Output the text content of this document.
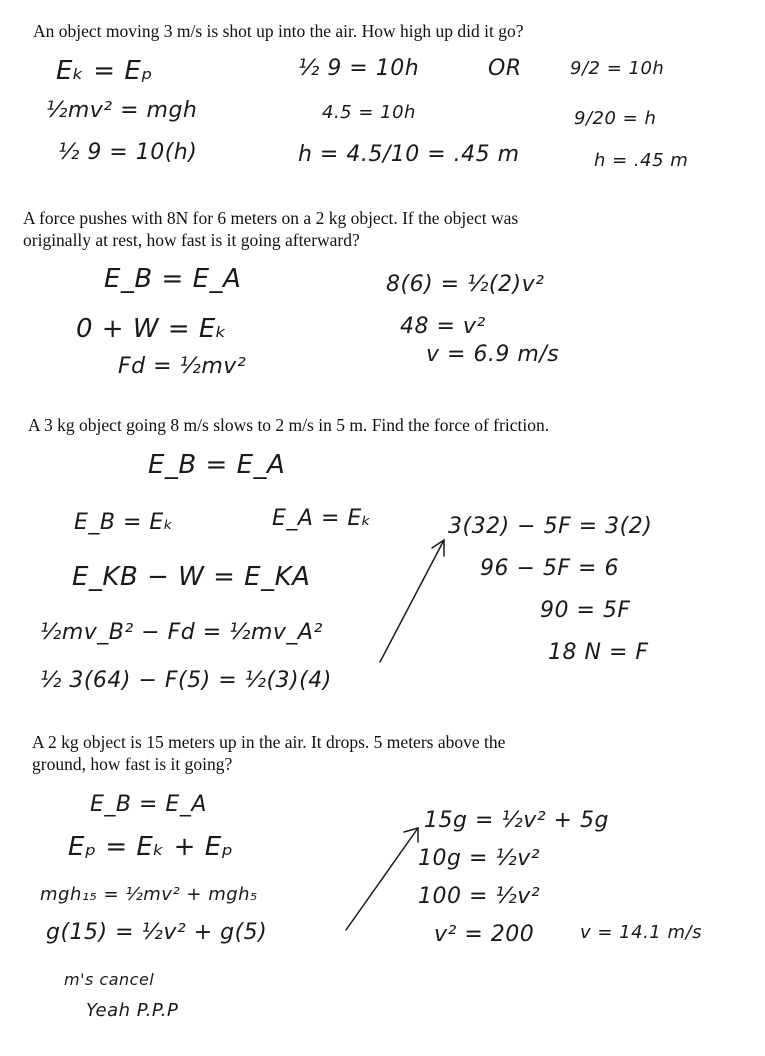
An object moving 3 m/s is shot up into the air. How high up did it go?

Eₖ = Eₚ
½mv² = mgh
½ 9 = 10(h)
½ 9 = 10h	OR
4.5 = 10h
h = 4.5/10 = .45 m
9/2 = 10h
9/20 = h
h = .45 m

A force pushes with 8N for 6 meters on a 2 kg object. If the object was

originally at rest, how fast is it going afterward?

E_B = E_A
0 + W = Eₖ
Fd = ½mv²
8(6) = ½(2)v²
48 = v²
v = 6.9 m/s

A 3 kg object going 8 m/s slows to 2 m/s in 5 m. Find the force of friction.

E_B = E_A
E_B = Eₖ	E_A = Eₖ
E_KB − W = E_KA
½mv_B² − Fd = ½mv_A²
½ 3(64) − F(5) = ½(3)(4)
3(32) − 5F = 3(2)
96 − 5F = 6
90 = 5F
18 N = F

A 2 kg object is 15 meters up in the air. It drops. 5 meters above the

ground, how fast is it going?

E_B = E_A
Eₚ = Eₖ + Eₚ
mgh₁₅ = ½mv² + mgh₅
g(15) = ½v² + g(5)
m's cancel
Yeah P.P.P
15g = ½v² + 5g
10g = ½v²
100 = ½v²
v² = 200	v = 14.1 m/s
